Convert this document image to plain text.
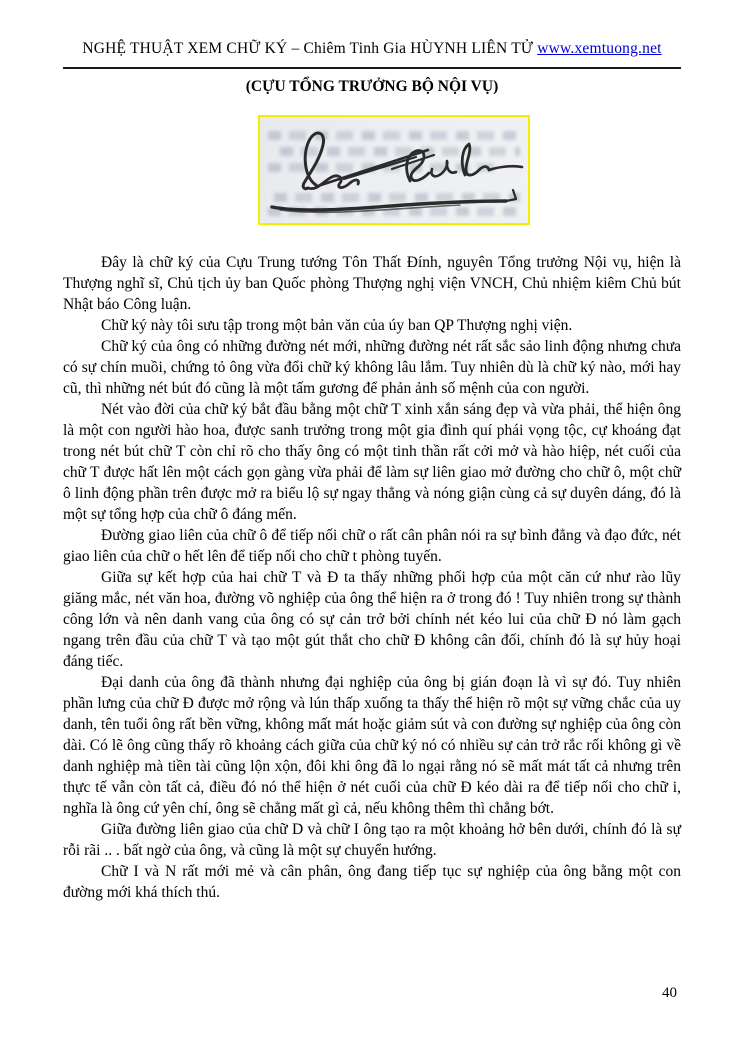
NGHỆ THUẬT XEM CHỮ KÝ – Chiêm Tinh Gia HÙYNH LIÊN TỬ www.xemtuong.net
(CỰU TỔNG TRƯỞNG BỘ NỘI VỤ)

Đây là chữ ký của Cựu Trung tướng Tôn Thất Đính, nguyên Tổng trưởng Nội vụ, hiện là Thượng nghĩ sĩ, Chủ tịch ủy ban Quốc phòng Thượng nghị viện VNCH, Chủ nhiệm kiêm Chủ bút Nhật báo Công luận.

Chữ ký này tôi sưu tập trong một bản văn của úy ban QP Thượng nghị viện.

Chữ ký của ông có những đường nét mới, những đường nét rất sắc sảo linh động nhưng chưa có sự chín muồi, chứng tỏ ông vừa đổi chữ ký không lâu lắm. Tuy nhiên dù là chữ ký nào, mới hay cũ, thì những nét bút đó cũng là một tấm gương để phản ảnh số mệnh của con người.

Nét vào đời của chữ ký bắt đầu bằng một chữ T xinh xắn sáng đẹp và vừa phải, thể hiện ông là một con người hào hoa, được sanh trưởng trong một gia đình quí phái vọng tộc, cự khoáng đạt trong nét bút chữ T còn chỉ rõ cho thấy ông có một tinh thần rất cởi mở và hào hiệp, nét cuối của chữ T được hất lên một cách gọn gàng vừa phải để làm sự liên giao mở đường cho chữ ô, một chữ ô linh động phần trên được mở ra biểu lộ sự ngay thẳng và nóng giận cùng cả sự duyên dáng, đó là một sự tổng hợp của chữ ô đáng mến.

Đường giao liên của chữ ô để tiếp nối chữ o rất cân phân nói ra sự bình đẳng và đạo đức, nét giao liên của chữ o hết lên để tiếp nối cho chữ t phòng tuyến.

Giữa sự kết hợp của hai chữ T và Đ ta thấy những phối hợp của một căn cứ như rào lũy giăng mắc, nét văn hoa, đường võ nghiệp của ông thể hiện ra ở trong đó ! Tuy nhiên trong sự thành công lớn và nên danh vang của ông có sự cản trở bởi chính nét kéo lui của chữ Đ nó làm gạch ngang trên đầu của chữ T và tạo một gút thắt cho chữ Đ không cân đối, chính đó là sự hủy hoại đáng tiếc.

Đại danh của ông đã thành nhưng đại nghiệp của ông bị gián đoạn là vì sự đó. Tuy nhiên phần lưng của chữ Đ được mở rộng và lún thấp xuống ta thấy thể hiện rõ một sự vững chắc của uy danh, tên tuổi ông rất bền vững, không mất mát hoặc giảm sút và con đường sự nghiệp của ông còn dài. Có lẽ ông cũng thấy rõ khoảng cách giữa của chữ ký nó có nhiều sự cản trở rắc rối không gì về danh nghiệp mà tiền tài cũng lộn xộn, đôi khi ông đã lo ngại rằng nó sẽ mất mát tất cả nhưng trên thực tế vẫn còn tất cả, điều đó nó thể hiện ở nét cuối của chữ Đ kéo dài ra để tiếp nối cho chữ i, nghĩa là ông cứ yên chí, ông sẽ chẳng mất gì cả, nếu không thêm thì chẳng bớt.

Giữa đường liên giao của chữ D và chữ I ông tạo ra một khoảng hở bên dưới, chính đó là sự rỗi rãi .. . bất ngờ của ông, và cũng là một sự chuyển hướng.

Chữ I và N rất mới mẻ và cân phân, ông đang tiếp tục sự nghiệp của ông bằng một con đường mới khá thích thú.

40
